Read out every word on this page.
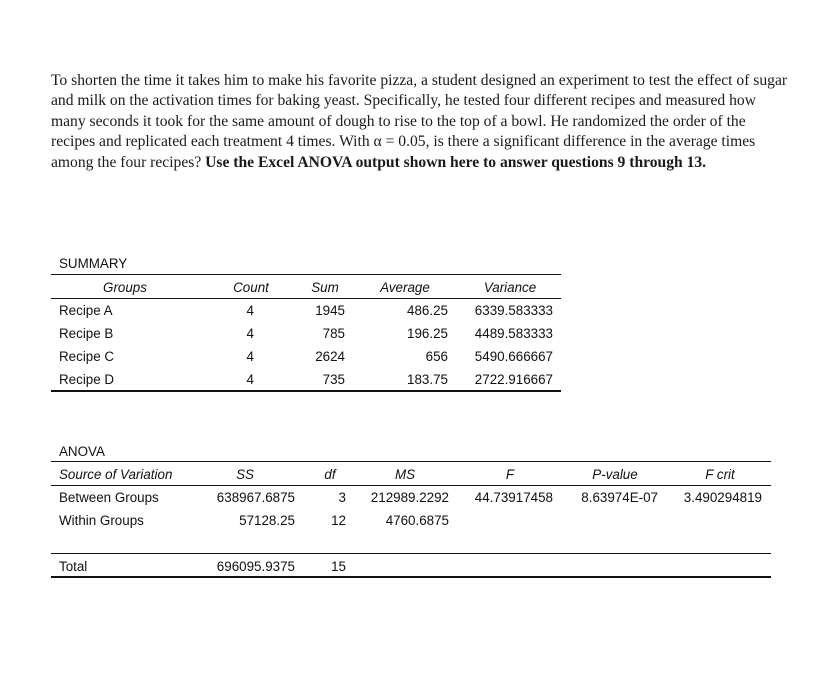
To shorten the time it takes him to make his favorite pizza, a student designed an experiment to test the effect of sugar and milk on the activation times for baking yeast. Specifically, he tested four different recipes and measured how many seconds it took for the same amount of dough to rise to the top of a bowl. He randomized the order of the recipes and replicated each treatment 4 times. With α = 0.05, is there a significant difference in the average times among the four recipes? Use the Excel ANOVA output shown here to answer questions 9 through 13.
SUMMARY
Groups	Count	Sum	Average	Variance
Recipe A	4	1945	486.25	6339.583333
Recipe B	4	785	196.25	4489.583333
Recipe C	4	2624	656	5490.666667
Recipe D	4	735	183.75	2722.916667
ANOVA
Source of Variation	SS	df	MS	F	P-value	F crit
Between Groups	638967.6875	3	212989.2292	44.73917458	8.63974E-07	3.490294819
Within Groups	57128.25	12	4760.6875
Total	696095.9375	15
